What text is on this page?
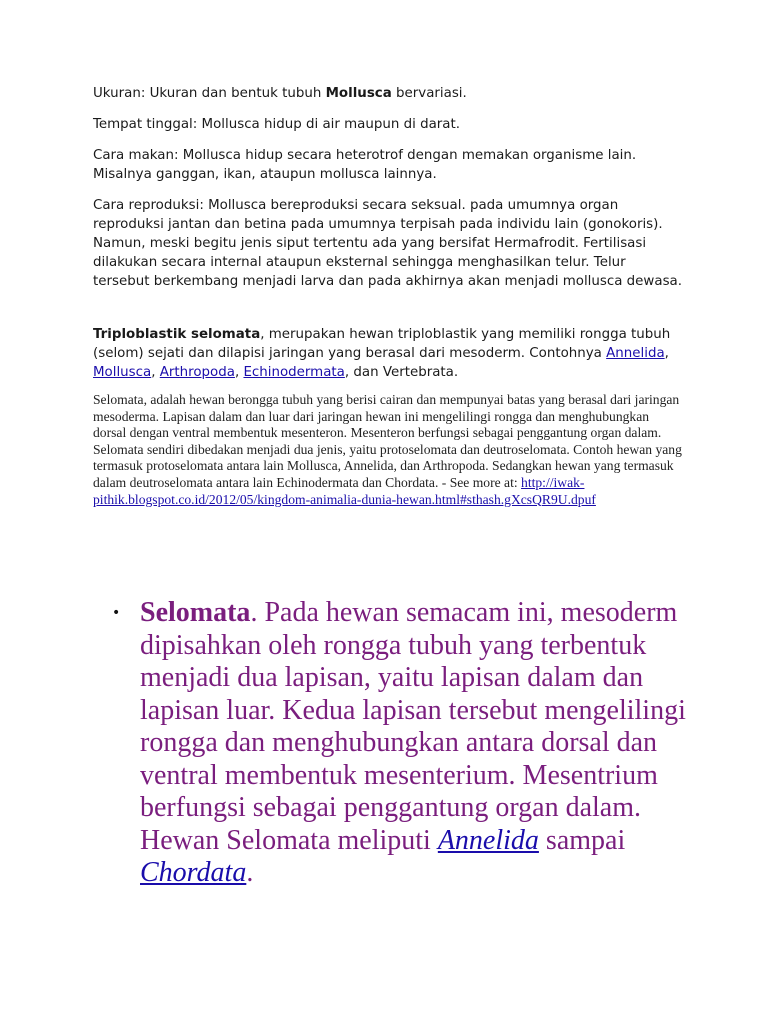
Ukuran: Ukuran dan bentuk tubuh Mollusca bervariasi.

Tempat tinggal: Mollusca hidup di air maupun di darat.

Cara makan: Mollusca hidup secara heterotrof dengan memakan organisme lain. Misalnya ganggan, ikan, ataupun mollusca lainnya.

Cara reproduksi: Mollusca bereproduksi secara seksual. pada umumnya organ reproduksi jantan dan betina pada umumnya terpisah pada individu lain (gonokoris). Namun, meski begitu jenis siput tertentu ada yang bersifat Hermafrodit. Fertilisasi dilakukan secara internal ataupun eksternal sehingga menghasilkan telur. Telur tersebut berkembang menjadi larva dan pada akhirnya akan menjadi mollusca dewasa.

Triploblastik selomata, merupakan hewan triploblastik yang memiliki rongga tubuh (selom) sejati dan dilapisi jaringan yang berasal dari mesoderm. Contohnya Annelida, Mollusca, Arthropoda, Echinodermata, dan Vertebrata.

Selomata, adalah hewan berongga tubuh yang berisi cairan dan mempunyai batas yang berasal dari jaringan mesoderma. Lapisan dalam dan luar dari jaringan hewan ini mengelilingi rongga dan menghubungkan dorsal dengan ventral membentuk mesenteron. Mesenteron berfungsi sebagai penggantung organ dalam. Selomata sendiri dibedakan menjadi dua jenis, yaitu protoselomata dan deutroselomata. Contoh hewan yang termasuk protoselomata antara lain Mollusca, Annelida, dan Arthropoda. Sedangkan hewan yang termasuk dalam deutroselomata antara lain Echinodermata dan Chordata. - See more at: http://iwak-pithik.blogspot.co.id/2012/05/kingdom-animalia-dunia-hewan.html#sthash.gXcsQR9U.dpuf

• Selomata. Pada hewan semacam ini, mesoderm dipisahkan oleh rongga tubuh yang terbentuk menjadi dua lapisan, yaitu lapisan dalam dan lapisan luar. Kedua lapisan tersebut mengelilingi rongga dan menghubungkan antara dorsal dan ventral membentuk mesenterium. Mesentrium berfungsi sebagai penggantung organ dalam. Hewan Selomata meliputi Annelida sampai Chordata.
